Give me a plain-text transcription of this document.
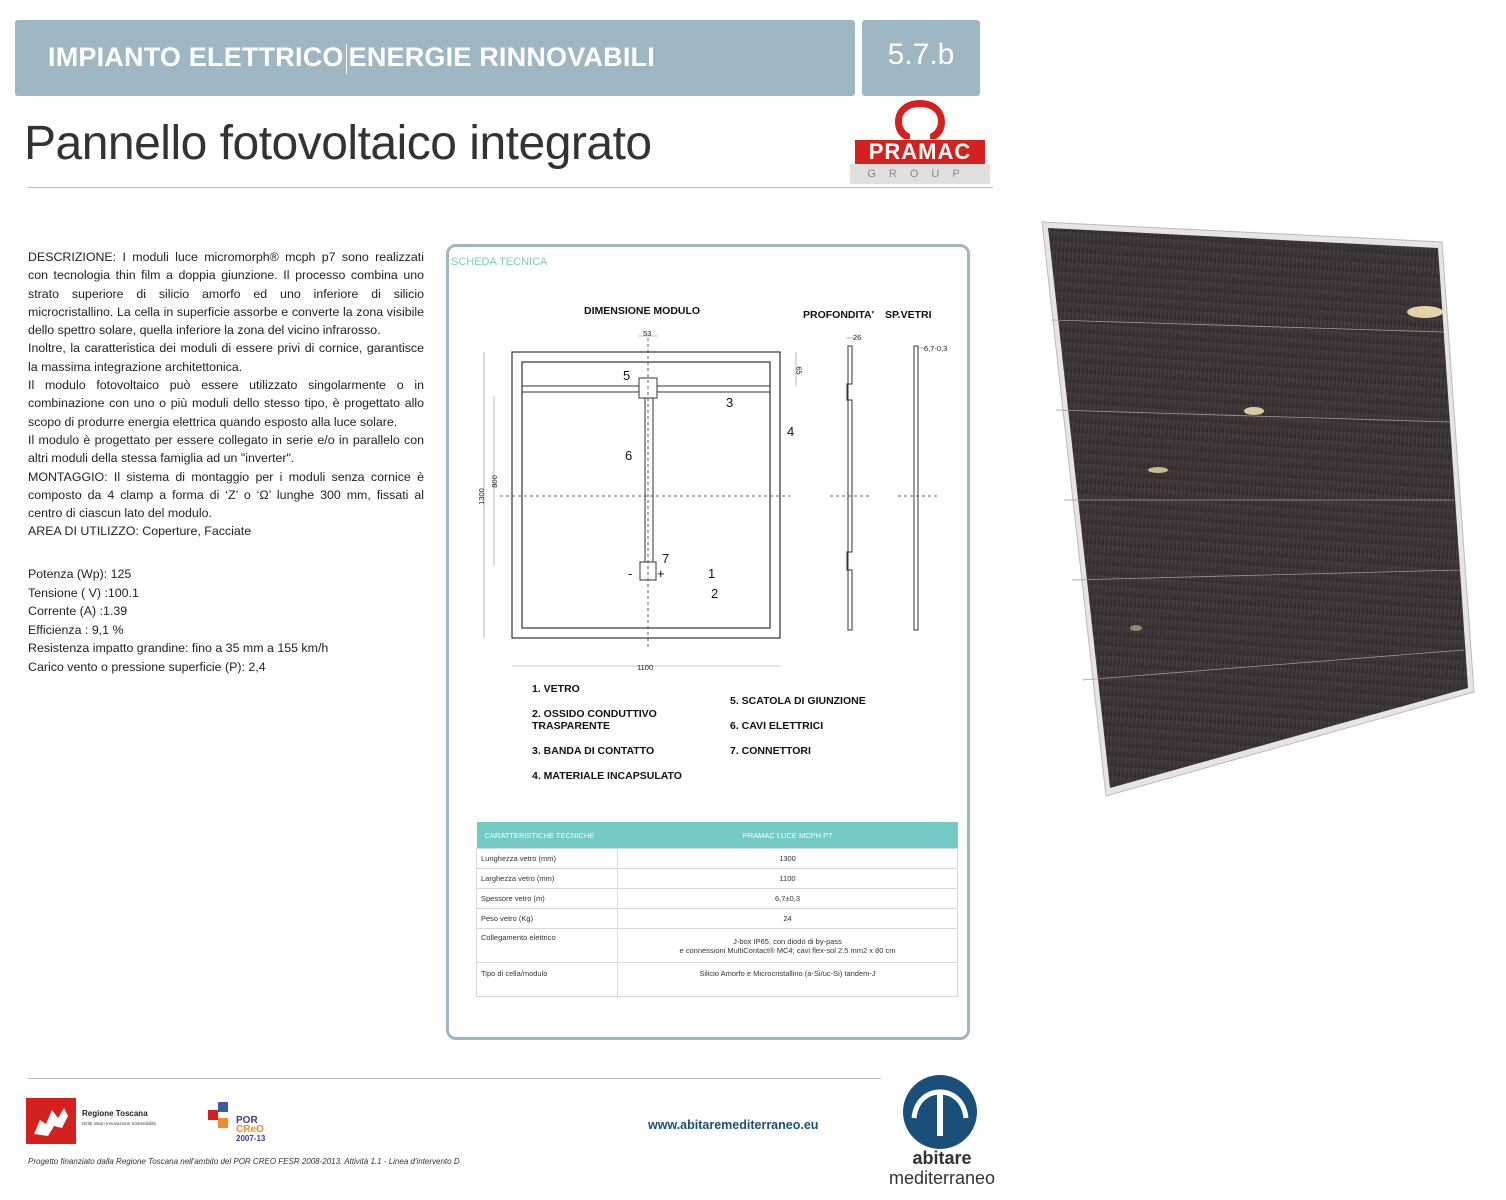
IMPIANTO ELETTRICO ENERGIE RINNOVABILI	5.7.b
Pannello fotovoltaico integrato	PRAMAC
GROUP

DESCRIZIONE: I moduli luce micromorph® mcph p7 sono realizzati con tecnologia thin film a doppia giunzione. Il processo combina uno strato superiore di silicio amorfo ed uno inferiore di silicio microcristallino. La cella in superficie assorbe e converte la zona visibile dello spettro solare, quella inferiore la zona del vicino infrarosso.

Inoltre, la caratteristica dei moduli di essere privi di cornice, garantisce la massima integrazione architettonica.

Il modulo fotovoltaico può essere utilizzato singolarmente o in combinazione con uno o più moduli dello stesso tipo, è progettato allo scopo di produrre energia elettrica quando esposto alla luce solare.

Il modulo è progettato per essere collegato in serie e/o in parallelo con altri moduli della stessa famiglia ad un "inverter".

MONTAGGIO: Il sistema di montaggio per i moduli senza cornice è composto da 4 clamp a forma di ‘Z’ o ‘Ω’ lunghe 300 mm, fissati al centro di ciascun lato del modulo.

AREA DI UTILIZZO: Coperture, Facciate

Potenza (Wp): 125
Tensione ( V) :100.1
Corrente (A) :1.39
Efficienza : 9,1 %
Resistenza impatto grandine: fino a 35 mm a 155 km/h
Carico vento o pressione superficie (P): 2,4
SCHEDA TECNICA
DIMENSIONE MODULO	PROFONDITA' SP.VETRI
53
65
26
6,7-0,3
1300
800
1100
5
3
4
6
7
- +	1
2
1. VETRO
2. OSSIDO CONDUTTIVO TRASPARENTE
3. BANDA DI CONTATTO
4. MATERIALE INCAPSULATO
5. SCATOLA DI GIUNZIONE
6. CAVI ELETTRICI
7. CONNETTORI
CARATTERISTICHE TECNICHE	PRAMAC LUCE MCPH P7
Lunghezza vetro (mm)	1300
Larghezza vetro (mm)	1100
Spessore vetro (m)	6,7±0,3
Peso vetro (Kg)	24
Collegamento elettrico	J-box IP65, con diodo di by-pass
e connessioni MultiContact® MC4; cavi flex-sol 2,5 mm2 x 80 cm

Tipo di cella/modulo	Silicio Amorfo e Microcristallino (a-Si/uc-Si) tandem-J
Regione Toscana
Diritti Valori Innovazione Sostenibilità	POR
CReO
2007-13
www.abitaremediterraneo.eu
Progetto finanziato dalla Regione Toscana nell'ambito del POR CREO FESR 2008-2013. Attività 1.1 - Linea d'intervento D	abitare
mediterraneo
